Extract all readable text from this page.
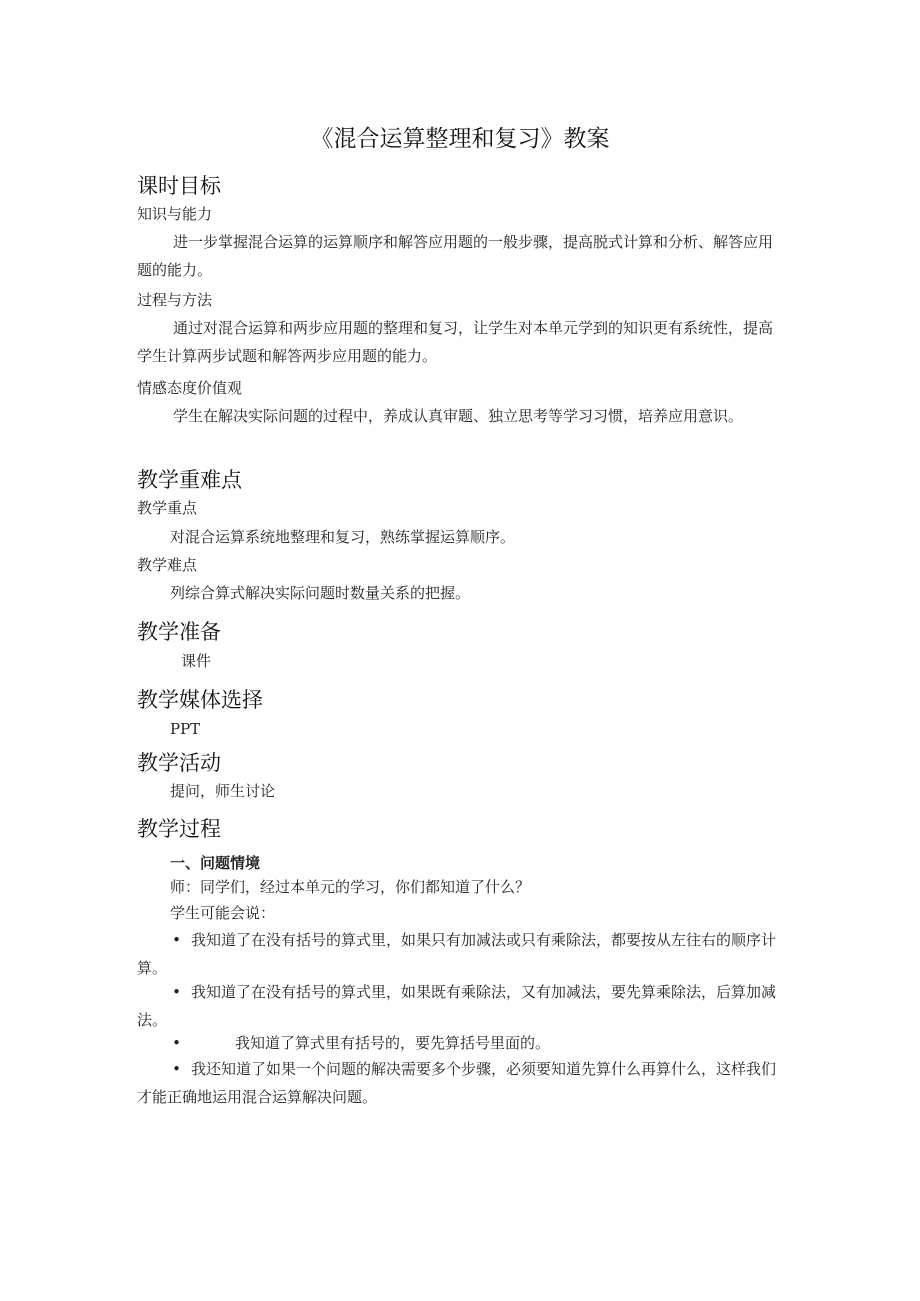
《混合运算整理和复习》教案
课时目标
知识与能力
进一步掌握混合运算的运算顺序和解答应用题的一般步骤，提高脱式计算和分析、解答应用题的能力。
过程与方法
通过对混合运算和两步应用题的整理和复习，让学生对本单元学到的知识更有系统性，提高学生计算两步试题和解答两步应用题的能力。
情感态度价值观
学生在解决实际问题的过程中，养成认真审题、独立思考等学习习惯，培养应用意识。
教学重难点
教学重点
对混合运算系统地整理和复习，熟练掌握运算顺序。
教学难点
列综合算式解决实际问题时数量关系的把握。
教学准备
课件
教学媒体选择
PPT
教学活动
提问，师生讨论
教学过程
一、问题情境
师：同学们，经过本单元的学习，你们都知道了什么？
学生可能会说：
• 我知道了在没有括号的算式里，如果只有加减法或只有乘除法，都要按从左往右的顺序计算。
• 我知道了在没有括号的算式里，如果既有乘除法，又有加减法，要先算乘除法，后算加减法。
•	我知道了算式里有括号的，要先算括号里面的。
• 我还知道了如果一个问题的解决需要多个步骤，必须要知道先算什么再算什么，这样我们才能正确地运用混合运算解决问题。
